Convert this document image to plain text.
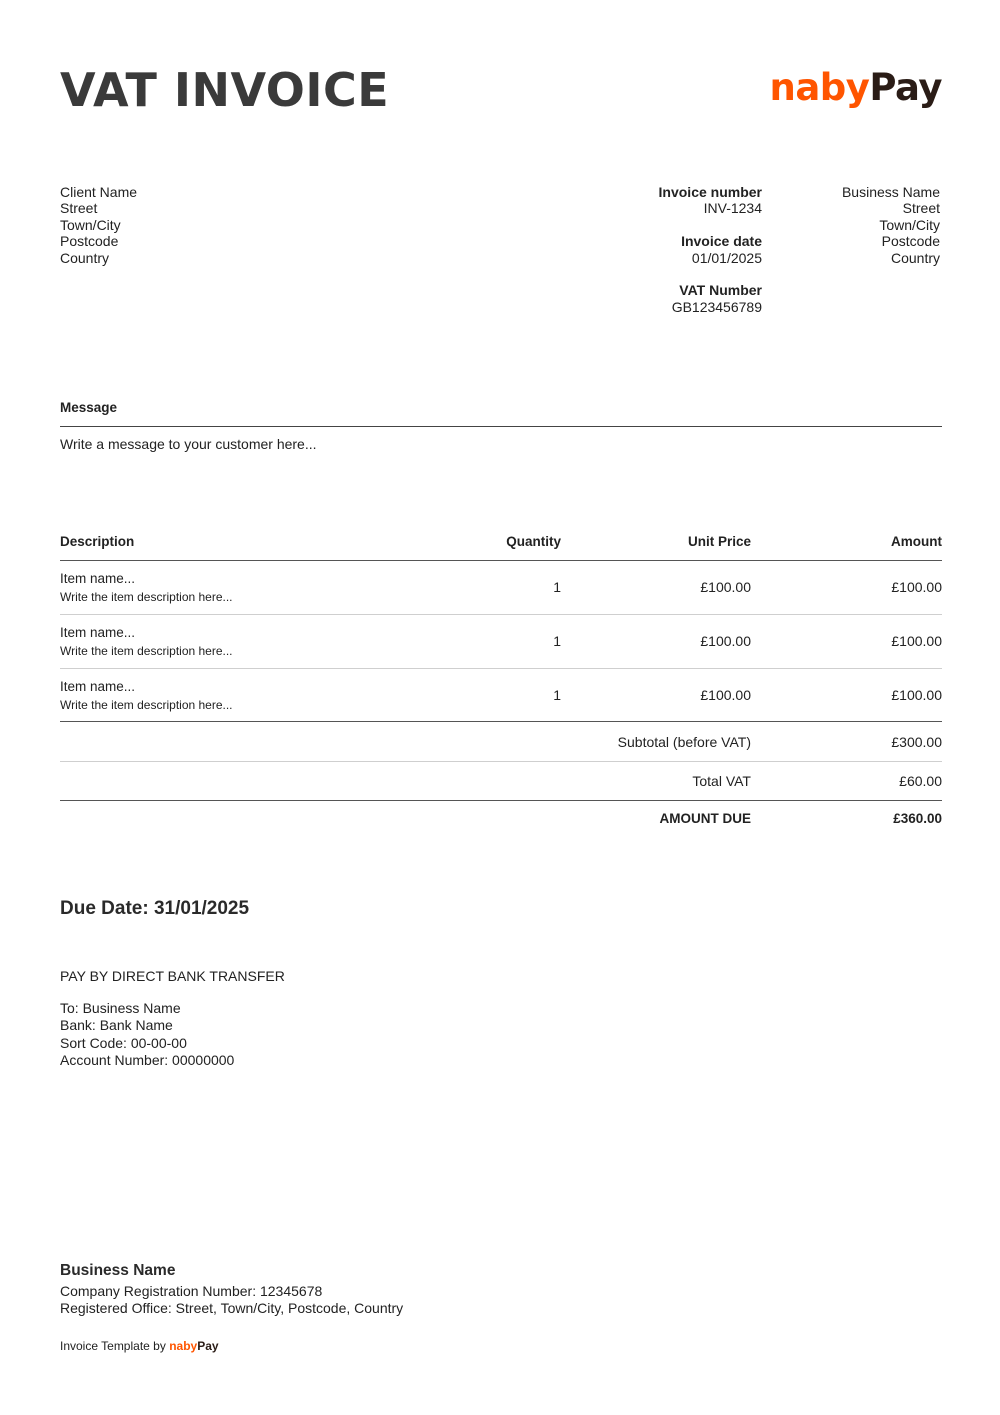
VAT INVOICE	nabyPay
Client Name
Street
Town/City
Postcode
Country
Invoice number
INV-1234
Invoice date
01/01/2025
VAT Number
GB123456789
Business Name
Street
Town/City
Postcode
Country
Message
Write a message to your customer here...
Description	Quantity	Unit Price	Amount
Item name...
Write the item description here...
1	£100.00	£100.00
Item name...
Write the item description here...
1	£100.00	£100.00
Item name...
Write the item description here...
1	£100.00	£100.00
Subtotal (before VAT)	£300.00
Total VAT	£60.00
AMOUNT DUE	£360.00
Due Date: 31/01/2025
PAY BY DIRECT BANK TRANSFER
To: Business Name
Bank: Bank Name
Sort Code: 00-00-00
Account Number: 00000000
Business Name
Company Registration Number: 12345678
Registered Office: Street, Town/City, Postcode, Country
Invoice Template by nabyPay
